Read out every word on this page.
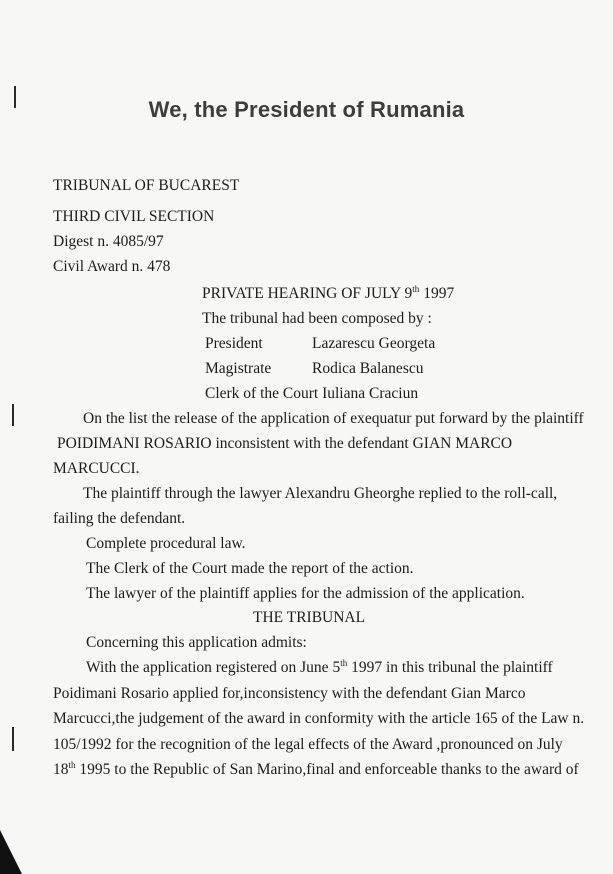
We, the President of Rumania
TRIBUNAL OF BUCAREST
THIRD CIVIL SECTION
Digest n. 4085/97
Civil Award n. 478
PRIVATE HEARING OF JULY 9th 1997
The tribunal had been composed by :
President	Lazarescu Georgeta
Magistrate	Rodica Balanescu
Clerk of the Court Iuliana Craciun
On the list the release of the application of exequatur put forward by the plaintiff
POIDIMANI ROSARIO inconsistent with the defendant GIAN MARCO
MARCUCCI.
The plaintiff through the lawyer Alexandru Gheorghe replied to the roll-call,
failing the defendant.
Complete procedural law.
The Clerk of the Court made the report of the action.
The lawyer of the plaintiff applies for the admission of the application.
THE TRIBUNAL
Concerning this application admits:
With the application registered on June 5th 1997 in this tribunal the plaintiff
Poidimani Rosario applied for,inconsistency with the defendant Gian Marco
Marcucci,the judgement of the award in conformity with the article 165 of the Law n.
105/1992 for the recognition of the legal effects of the Award ,pronounced on July
18th 1995 to the Republic of San Marino,final and enforceable thanks to the award of
